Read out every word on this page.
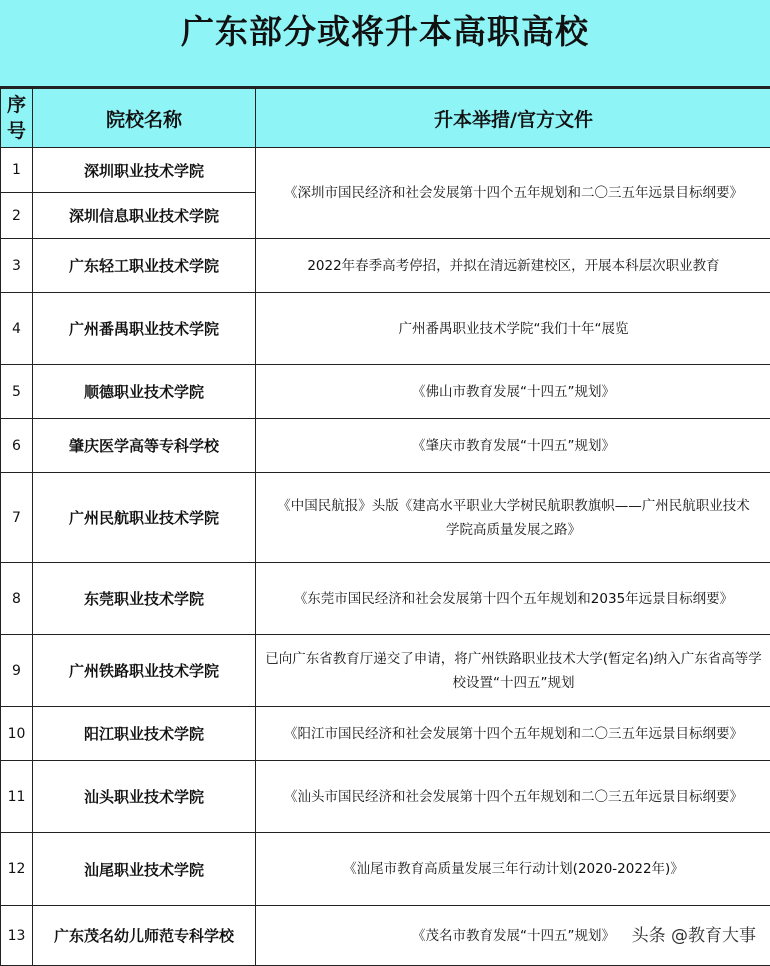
广东部分或将升本高职高校
序号	院校名称	升本举措/官方文件
1	深圳职业技术学院	《深圳市国民经济和社会发展第十四个五年规划和二〇三五年远景目标纲要》
2	深圳信息职业技术学院	
3	广东轻工职业技术学院	2022年春季高考停招，并拟在清远新建校区，开展本科层次职业教育
4	广州番禺职业技术学院	广州番禺职业技术学院“我们十年“展览
5	顺德职业技术学院	《佛山市教育发展“十四五”规划》
6	肇庆医学高等专科学校	《肇庆市教育发展“十四五”规划》
7	广州民航职业技术学院	《中国民航报》头版《建高水平职业大学树民航职教旗帜——广州民航职业技术学院高质量发展之路》
8	东莞职业技术学院	《东莞市国民经济和社会发展第十四个五年规划和2035年远景目标纲要》
9	广州铁路职业技术学院	已向广东省教育厅递交了申请，将广州铁路职业技术大学(暂定名)纳入广东省高等学校设置“十四五”规划
10	阳江职业技术学院	《阳江市国民经济和社会发展第十四个五年规划和二〇三五年远景目标纲要》
11	汕头职业技术学院	《汕头市国民经济和社会发展第十四个五年规划和二〇三五年远景目标纲要》
12	汕尾职业技术学院	《汕尾市教育高质量发展三年行动计划(2020-2022年)》
13	广东茂名幼儿师范专科学校	《茂名市教育发展“十四五”规划》 头条 @教育大事
